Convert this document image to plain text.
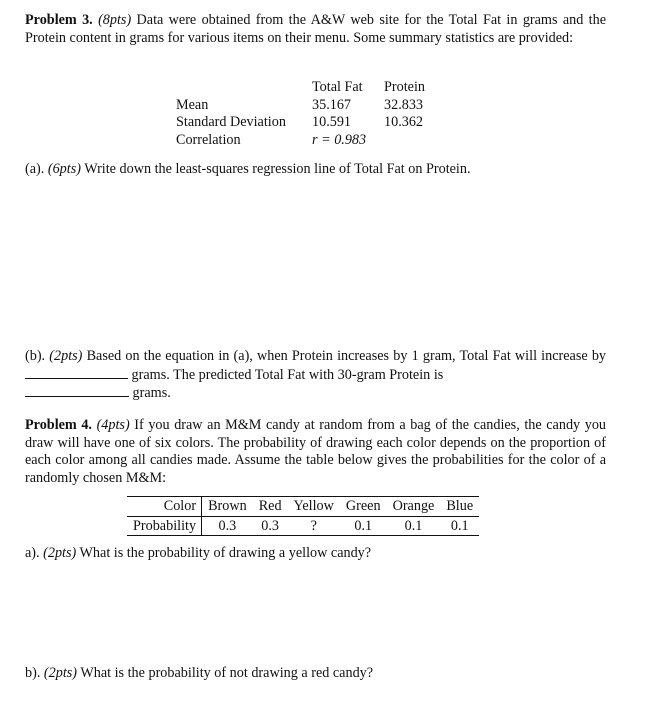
Problem 3. (8pts) Data were obtained from the A&W web site for the Total Fat in grams and the Protein content in grams for various items on their menu. Some summary statistics are provided:
	Total Fat	Protein
Mean	35.167	32.833
Standard Deviation	10.591	10.362
Correlation	r = 0.983	
(a). (6pts) Write down the least-squares regression line of Total Fat on Protein.
(b). (2pts) Based on the equation in (a), when Protein increases by 1 gram, Total Fat will increase by  grams. The predicted Total Fat with 30-gram Protein is
grams.
Problem 4. (4pts) If you draw an M&M candy at random from a bag of the candies, the candy you draw will have one of six colors. The probability of drawing each color depends on the proportion of each color among all candies made. Assume the table below gives the probabilities for the color of a randomly chosen M&M:
Color	Brown	Red	Yellow	Green	Orange	Blue
Probability	0.3	0.3	?	0.1	0.1	0.1
a). (2pts) What is the probability of drawing a yellow candy?
b). (2pts) What is the probability of not drawing a red candy?
